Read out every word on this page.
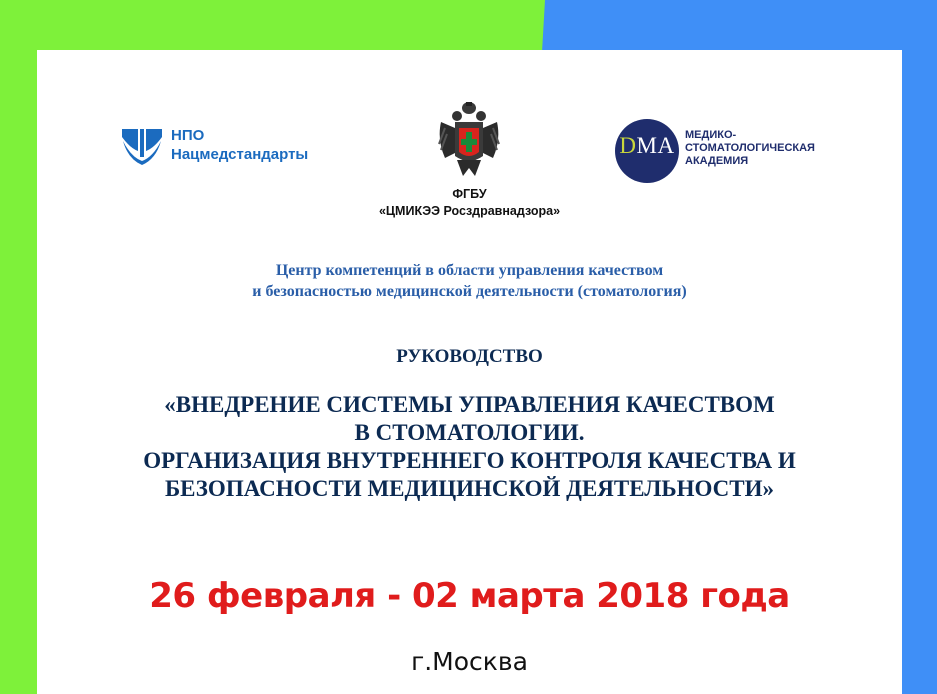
НПО
Нацмедстандарты
ФГБУ
«ЦМИКЭЭ Росздравнадзора»
DMA МЕДИКО-
СТОМАТОЛОГИЧЕСКАЯ
АКАДЕМИЯ
Центр компетенций в области управления качеством
и безопасностью медицинской деятельности (стоматология)
РУКОВОДСТВО
«ВНЕДРЕНИЕ СИСТЕМЫ УПРАВЛЕНИЯ КАЧЕСТВОМ
В СТОМАТОЛОГИИ.
ОРГАНИЗАЦИЯ ВНУТРЕННЕГО КОНТРОЛЯ КАЧЕСТВА И
БЕЗОПАСНОСТИ МЕДИЦИНСКОЙ ДЕЯТЕЛЬНОСТИ»
26 февраля - 02 марта 2018 года
г.Москва
